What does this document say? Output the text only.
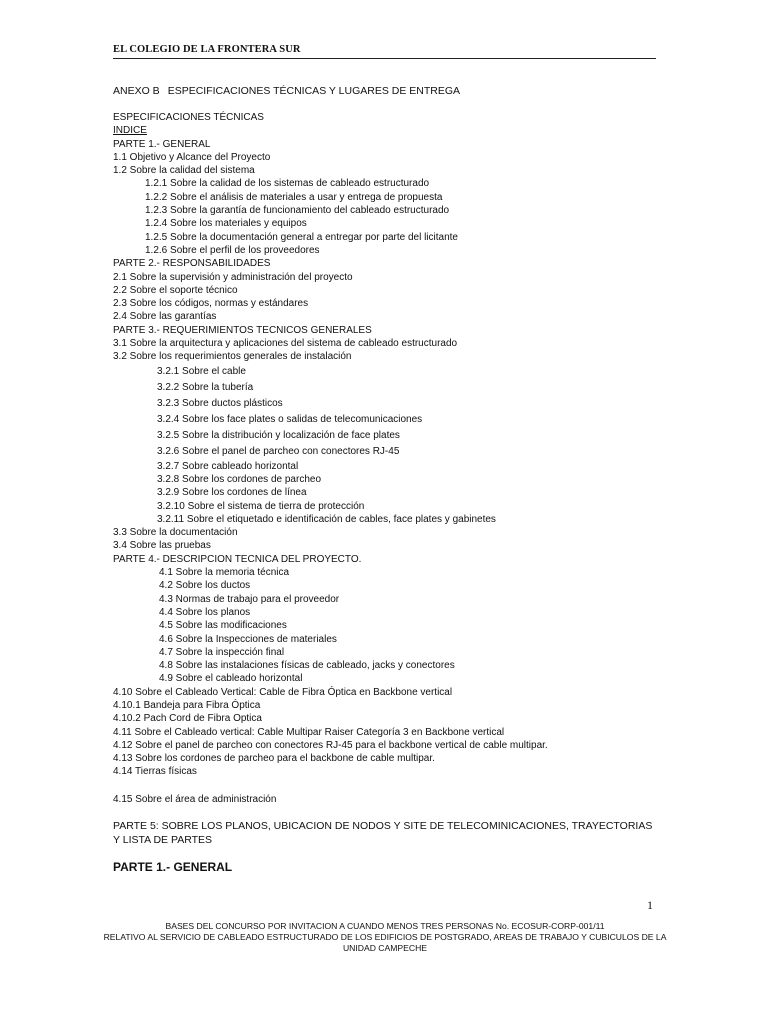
EL COLEGIO DE LA FRONTERA SUR
ANEXO B ESPECIFICACIONES TÉCNICAS Y LUGARES DE ENTREGA
ESPECIFICACIONES TÉCNICAS
INDICE
PARTE 1.- GENERAL
1.1 Objetivo y Alcance del Proyecto
1.2 Sobre la calidad del sistema
1.2.1 Sobre la calidad de los sistemas de cableado estructurado
1.2.2 Sobre el análisis de materiales a usar y entrega de propuesta
1.2.3 Sobre la garantía de funcionamiento del cableado estructurado
1.2.4 Sobre los materiales y equipos
1.2.5 Sobre la documentación general a entregar por parte del licitante
1.2.6 Sobre el perfil de los proveedores
PARTE 2.- RESPONSABILIDADES
2.1 Sobre la supervisión y administración del proyecto
2.2 Sobre el soporte técnico
2.3 Sobre los códigos, normas y estándares
2.4 Sobre las garantías
PARTE 3.- REQUERIMIENTOS TECNICOS GENERALES
3.1 Sobre la arquitectura y aplicaciones del sistema de cableado estructurado
3.2 Sobre los requerimientos generales de instalación
3.2.1 Sobre el cable
3.2.2 Sobre la tubería
3.2.3 Sobre ductos plásticos
3.2.4 Sobre los face plates o salidas de telecomunicaciones
3.2.5 Sobre la distribución y localización de face plates
3.2.6 Sobre el panel de parcheo con conectores RJ-45
3.2.7 Sobre cableado horizontal
3.2.8 Sobre los cordones de parcheo
3.2.9 Sobre los cordones de línea
3.2.10 Sobre el sistema de tierra de protección
3.2.11 Sobre el etiquetado e identificación de cables, face plates y gabinetes
3.3 Sobre la documentación
3.4 Sobre las pruebas
PARTE 4.- DESCRIPCION TECNICA DEL PROYECTO.
4.1 Sobre la memoria técnica
4.2 Sobre los ductos
4.3 Normas de trabajo para el proveedor
4.4 Sobre los planos
4.5 Sobre las modificaciones
4.6 Sobre la Inspecciones de materiales
4.7 Sobre la inspección final
4.8 Sobre las instalaciones físicas de cableado, jacks y conectores
4.9 Sobre el cableado horizontal
4.10 Sobre el Cableado Vertical: Cable de Fibra Óptica en Backbone vertical
4.10.1 Bandeja para Fibra Óptica
4.10.2 Pach Cord de Fibra Optica
4.11 Sobre el Cableado vertical: Cable Multipar Raiser Categoría 3 en Backbone vertical
4.12 Sobre el panel de parcheo con conectores RJ-45 para el backbone vertical de cable multipar.
4.13 Sobre los cordones de parcheo para el backbone de cable multipar.
4.14 Tierras físicas
4.15 Sobre el área de administración
PARTE 5: SOBRE LOS PLANOS, UBICACION DE NODOS Y SITE DE TELECOMINICACIONES, TRAYECTORIAS Y LISTA DE PARTES
PARTE 1.- GENERAL
1
BASES DEL CONCURSO POR INVITACION A CUANDO MENOS TRES PERSONAS No. ECOSUR-CORP-001/11
RELATIVO AL SERVICIO DE CABLEADO ESTRUCTURADO DE LOS EDIFICIOS DE POSTGRADO, AREAS DE TRABAJO Y CUBICULOS DE LA
UNIDAD CAMPECHE
